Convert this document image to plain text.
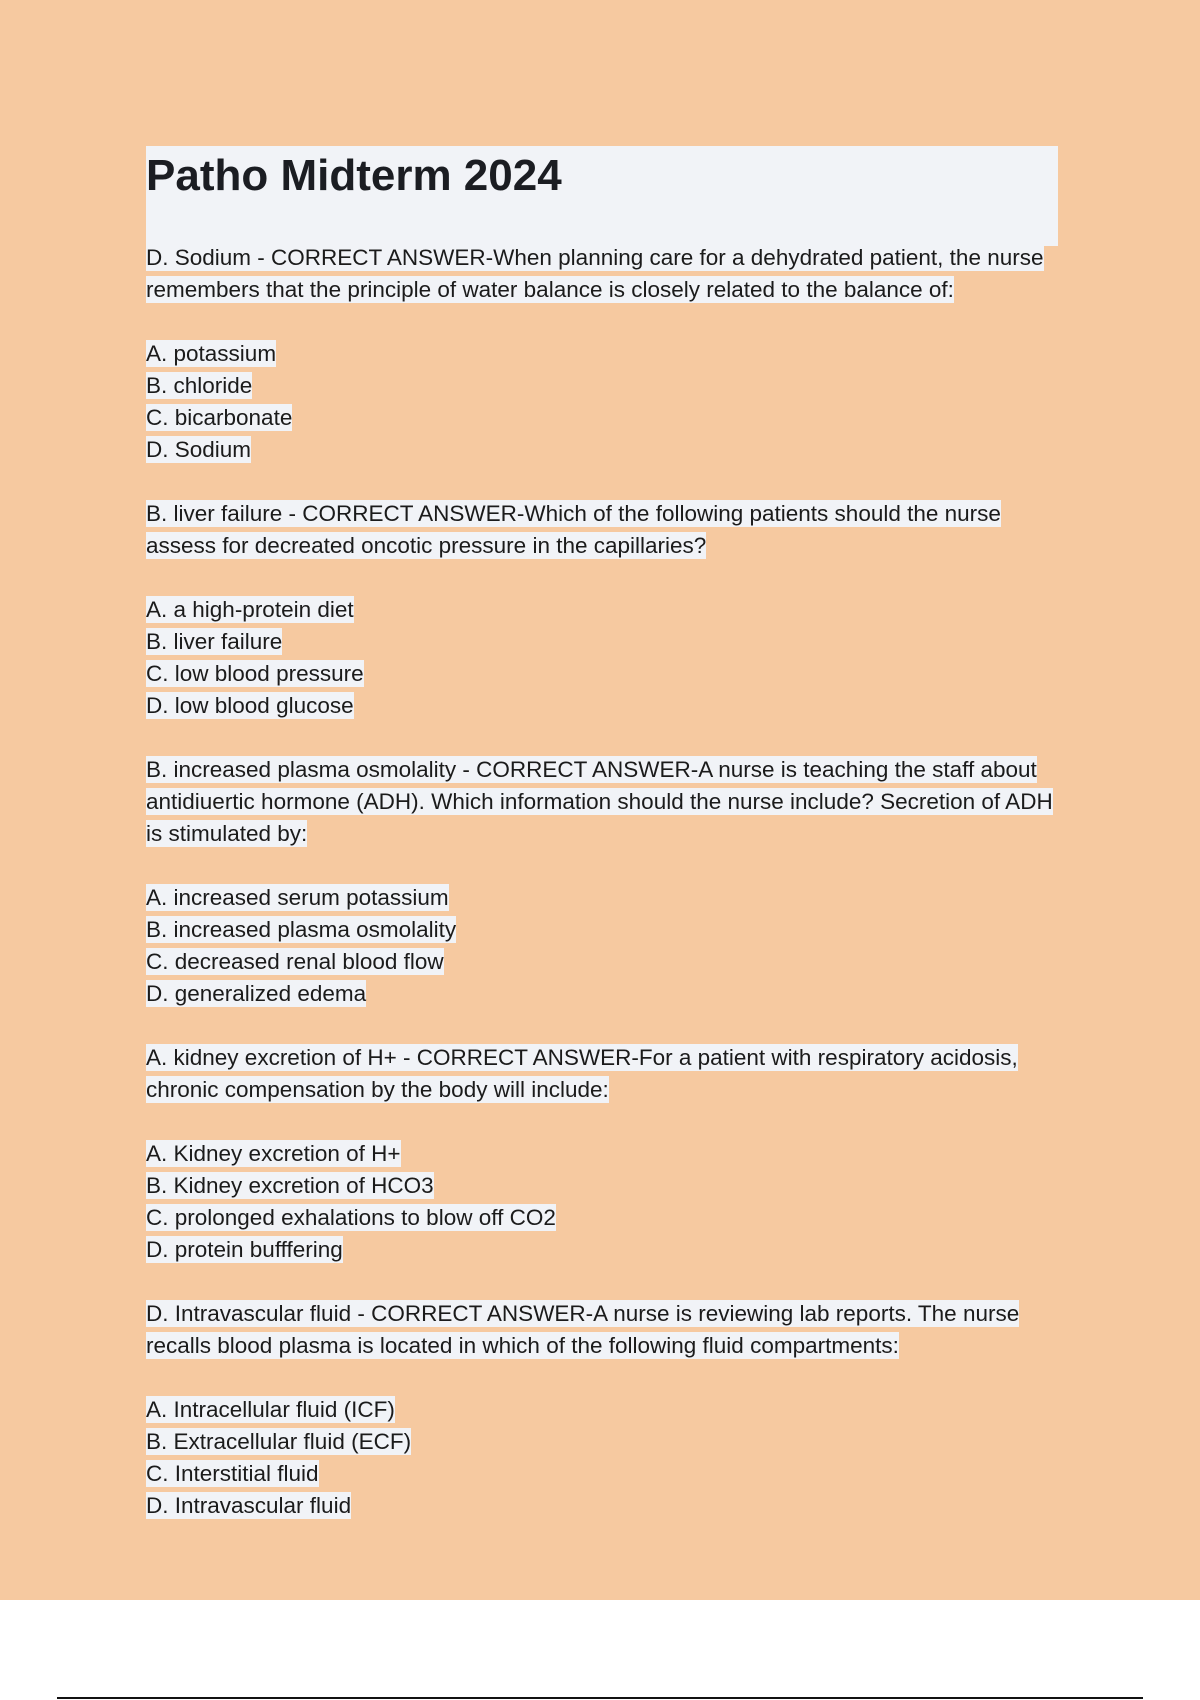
Patho Midterm 2024

D. Sodium - CORRECT ANSWER-When planning care for a dehydrated patient, the nurse remembers that the principle of water balance is closely related to the balance of:

A. potassium
B. chloride
C. bicarbonate
D. Sodium

B. liver failure - CORRECT ANSWER-Which of the following patients should the nurse assess for decreated oncotic pressure in the capillaries?

A. a high-protein diet
B. liver failure
C. low blood pressure
D. low blood glucose

B. increased plasma osmolality - CORRECT ANSWER-A nurse is teaching the staff about antidiuertic hormone (ADH). Which information should the nurse include? Secretion of ADH is stimulated by:

A. increased serum potassium
B. increased plasma osmolality
C. decreased renal blood flow
D. generalized edema

A. kidney excretion of H+ - CORRECT ANSWER-For a patient with respiratory acidosis, chronic compensation by the body will include:

A. Kidney excretion of H+
B. Kidney excretion of HCO3
C. prolonged exhalations to blow off CO2
D. protein bufffering

D. Intravascular fluid - CORRECT ANSWER-A nurse is reviewing lab reports. The nurse recalls blood plasma is located in which of the following fluid compartments:

A. Intracellular fluid (ICF)
B. Extracellular fluid (ECF)
C. Interstitial fluid
D. Intravascular fluid
